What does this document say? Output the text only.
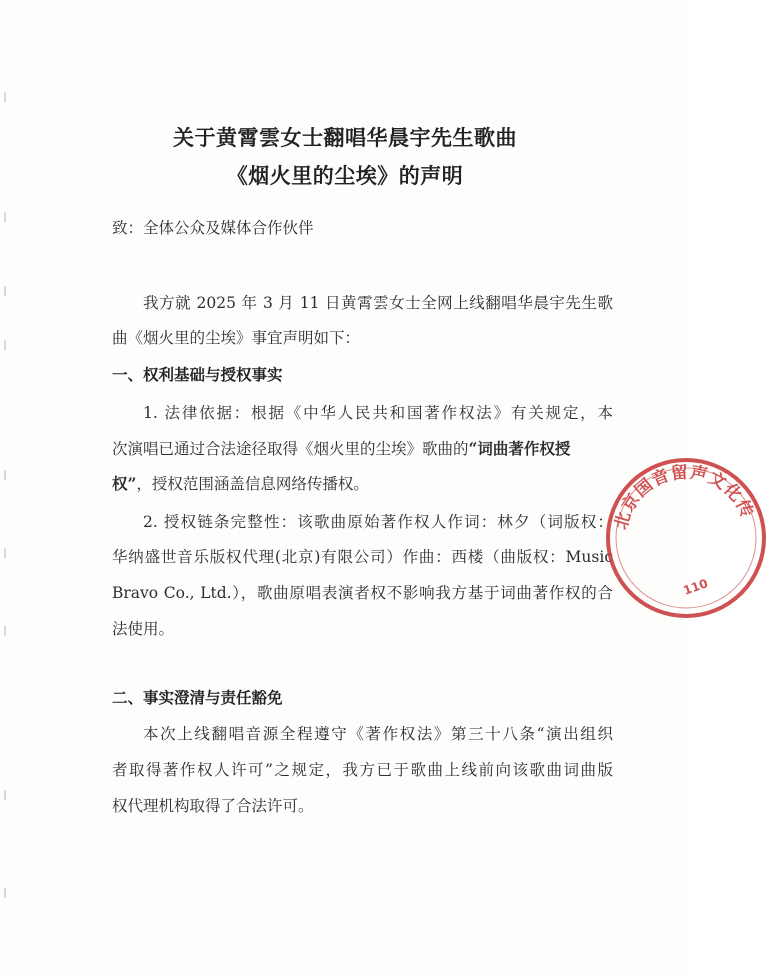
关于黄霄雲女士翻唱华晨宇先生歌曲
《烟火里的尘埃》的声明
致：全体公众及媒体合作伙伴
我方就 2025 年 3 月 11 日黄霄雲女士全网上线翻唱华晨宇先生歌
曲《烟火里的尘埃》事宜声明如下：
一、权利基础与授权事实
1. 法律依据：根据《中华人民共和国著作权法》有关规定，本
次演唱已通过合法途径取得《烟火里的尘埃》歌曲的“词曲著作权授
权”，授权范围涵盖信息网络传播权。
2. 授权链条完整性：该歌曲原始著作权人作词：林夕（词版权：
华纳盛世音乐版权代理(北京)有限公司）作曲：西楼（曲版权：Music
Bravo Co., Ltd.），歌曲原唱表演者权不影响我方基于词曲著作权的合
法使用。
二、事实澄清与责任豁免
本次上线翻唱音源全程遵守《著作权法》第三十八条“演出组织
者取得著作权人许可”之规定，我方已于歌曲上线前向该歌曲词曲版
权代理机构取得了合法许可。
北京国音留声文化传
110
